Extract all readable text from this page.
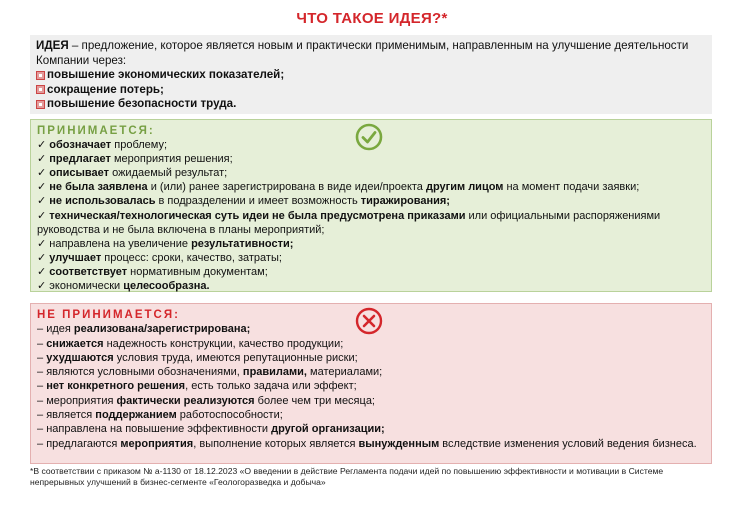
ЧТО ТАКОЕ ИДЕЯ?*
ИДЕЯ – предложение, которое является новым и практически применимым, направленным на улучшение деятельности Компании через:
повышение экономических показателей;
сокращение потерь;
повышение безопасности труда.
ПРИНИМАЕТСЯ:
✓ обозначает проблему;
✓ предлагает мероприятия решения;
✓ описывает ожидаемый результат;
✓ не была заявлена и (или) ранее зарегистрирована в виде идеи/проекта другим лицом на момент подачи заявки;
✓ не использовалась в подразделении и имеет возможность тиражирования;
✓ техническая/технологическая суть идеи не была предусмотрена приказами или официальными распоряжениями руководства и не была включена в планы мероприятий;
✓ направлена на увеличение результативности;
✓ улучшает процесс: сроки, качество, затраты;
✓ соответствует нормативным документам;
✓ экономически целесообразна.
НЕ ПРИНИМАЕТСЯ:
– идея реализована/зарегистрирована;
– снижается надежность конструкции, качество продукции;
– ухудшаются условия труда, имеются репутационные риски;
– являются условными обозначениями, правилами, материалами;
– нет конкретного решения, есть только задача или эффект;
– мероприятия фактически реализуются более чем три месяца;
– является поддержанием работоспособности;
– направлена на повышение эффективности другой организации;
– предлагаются мероприятия, выполнение которых является вынужденным вследствие изменения условий ведения бизнеса.
*В соответствии с приказом № а-1130 от 18.12.2023 «О введении в действие Регламента подачи идей по повышению эффективности и мотивации в Системе непрерывных улучшений в бизнес-сегменте «Геологоразведка и добыча»
